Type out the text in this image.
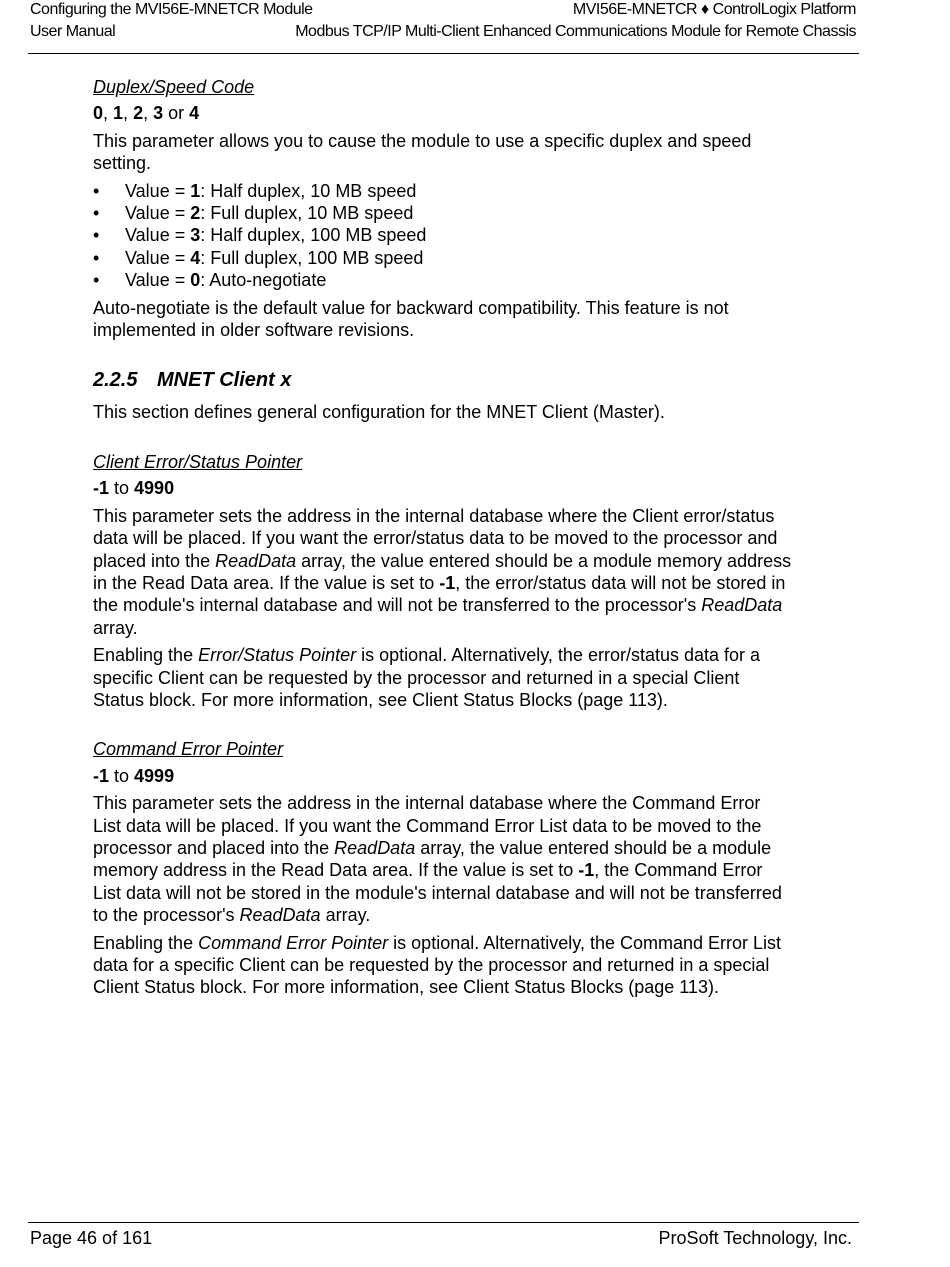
Configuring the MVI56E-MNETCR Module	MVI56E-MNETCR ♦ ControlLogix Platform
User Manual	Modbus TCP/IP Multi-Client Enhanced Communications Module for Remote Chassis

Duplex/Speed Code

0, 1, 2, 3 or 4

This parameter allows you to cause the module to use a specific duplex and speed setting.

• Value = 1: Half duplex, 10 MB speed
• Value = 2: Full duplex, 10 MB speed
• Value = 3: Half duplex, 100 MB speed
• Value = 4: Full duplex, 100 MB speed
• Value = 0: Auto-negotiate

Auto-negotiate is the default value for backward compatibility. This feature is not implemented in older software revisions.

2.2.5 MNET Client x

This section defines general configuration for the MNET Client (Master).

Client Error/Status Pointer

-1 to 4990

This parameter sets the address in the internal database where the Client error/status data will be placed. If you want the error/status data to be moved to the processor and placed into the ReadData array, the value entered should be a module memory address in the Read Data area. If the value is set to -1, the error/status data will not be stored in the module's internal database and will not be transferred to the processor's ReadData array.

Enabling the Error/Status Pointer is optional. Alternatively, the error/status data for a specific Client can be requested by the processor and returned in a special Client Status block. For more information, see Client Status Blocks (page 113).

Command Error Pointer

-1 to 4999

This parameter sets the address in the internal database where the Command Error List data will be placed. If you want the Command Error List data to be moved to the processor and placed into the ReadData array, the value entered should be a module memory address in the Read Data area. If the value is set to -1, the Command Error List data will not be stored in the module's internal database and will not be transferred to the processor's ReadData array.

Enabling the Command Error Pointer is optional. Alternatively, the Command Error List data for a specific Client can be requested by the processor and returned in a special Client Status block. For more information, see Client Status Blocks (page 113).

Page 46 of 161	ProSoft Technology, Inc.
